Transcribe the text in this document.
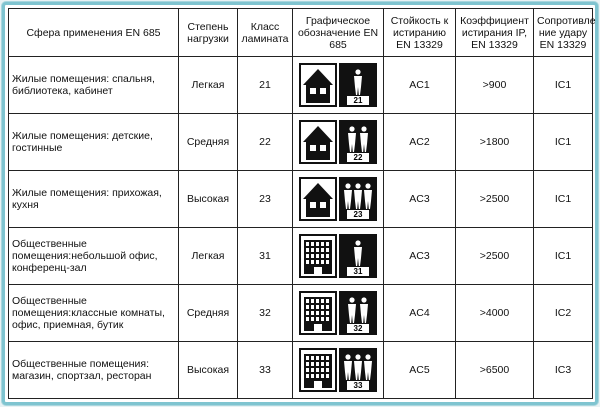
Сфера применения EN 685	Степень нагрузки	Класс ламината	Графическое обозначение EN 685	Стойкость к истиранию EN 13329	Коэффициент истирания IP, EN 13329	Сопротивле ние удару EN 13329
Жилые помещения: спальня, библиотека, кабинет	Легкая	21	21	AC1	>900	IC1
Жилые помещения: детские, гостинные	Средняя	22	22	AC2	>1800	IC1
Жилые помещения: прихожая, кухня	Высокая	23	23	AC3	>2500	IC1
Общественные помещения:небольшой офис, конференц-зал	Легкая	31	31	AC3	>2500	IC1
Общественные помещения:классные комнаты, офис, приемная, бутик	Средняя	32	32	AC4	>4000	IC2
Общественные помещения: магазин, спортзал, ресторан	Высокая	33	33	AC5	>6500	IC3
